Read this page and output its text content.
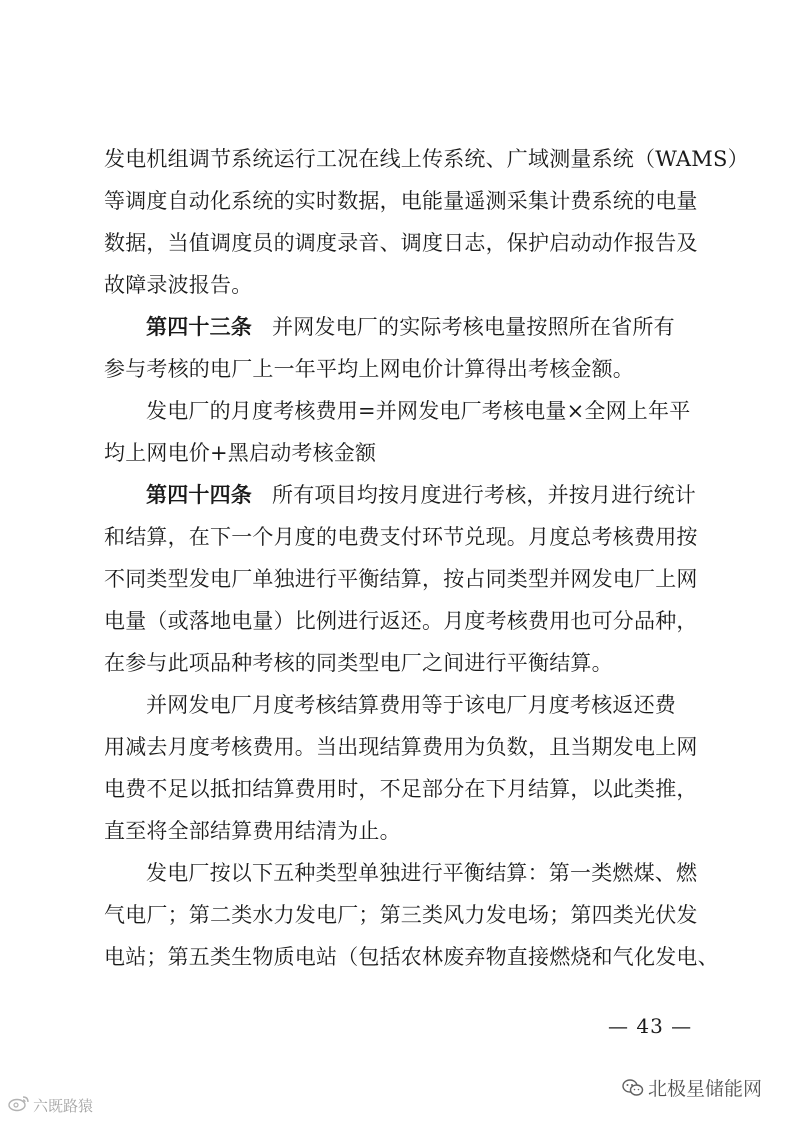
发电机组调节系统运行工况在线上传系统、广域测量系统（WAMS）
等调度自动化系统的实时数据，电能量遥测采集计费系统的电量
数据，当值调度员的调度录音、调度日志，保护启动动作报告及
故障录波报告。
第四十三条 并网发电厂的实际考核电量按照所在省所有
参与考核的电厂上一年平均上网电价计算得出考核金额。
发电厂的月度考核费用=并网发电厂考核电量×全网上年平
均上网电价+黑启动考核金额
第四十四条 所有项目均按月度进行考核，并按月进行统计
和结算，在下一个月度的电费支付环节兑现。月度总考核费用按
不同类型发电厂单独进行平衡结算，按占同类型并网发电厂上网
电量（或落地电量）比例进行返还。月度考核费用也可分品种，
在参与此项品种考核的同类型电厂之间进行平衡结算。
并网发电厂月度考核结算费用等于该电厂月度考核返还费
用减去月度考核费用。当出现结算费用为负数，且当期发电上网
电费不足以抵扣结算费用时，不足部分在下月结算，以此类推，
直至将全部结算费用结清为止。
发电厂按以下五种类型单独进行平衡结算：第一类燃煤、燃
气电厂；第二类水力发电厂；第三类风力发电场；第四类光伏发
电站；第五类生物质电站（包括农林废弃物直接燃烧和气化发电、
— 43 —
北极星储能网
六既路猿
